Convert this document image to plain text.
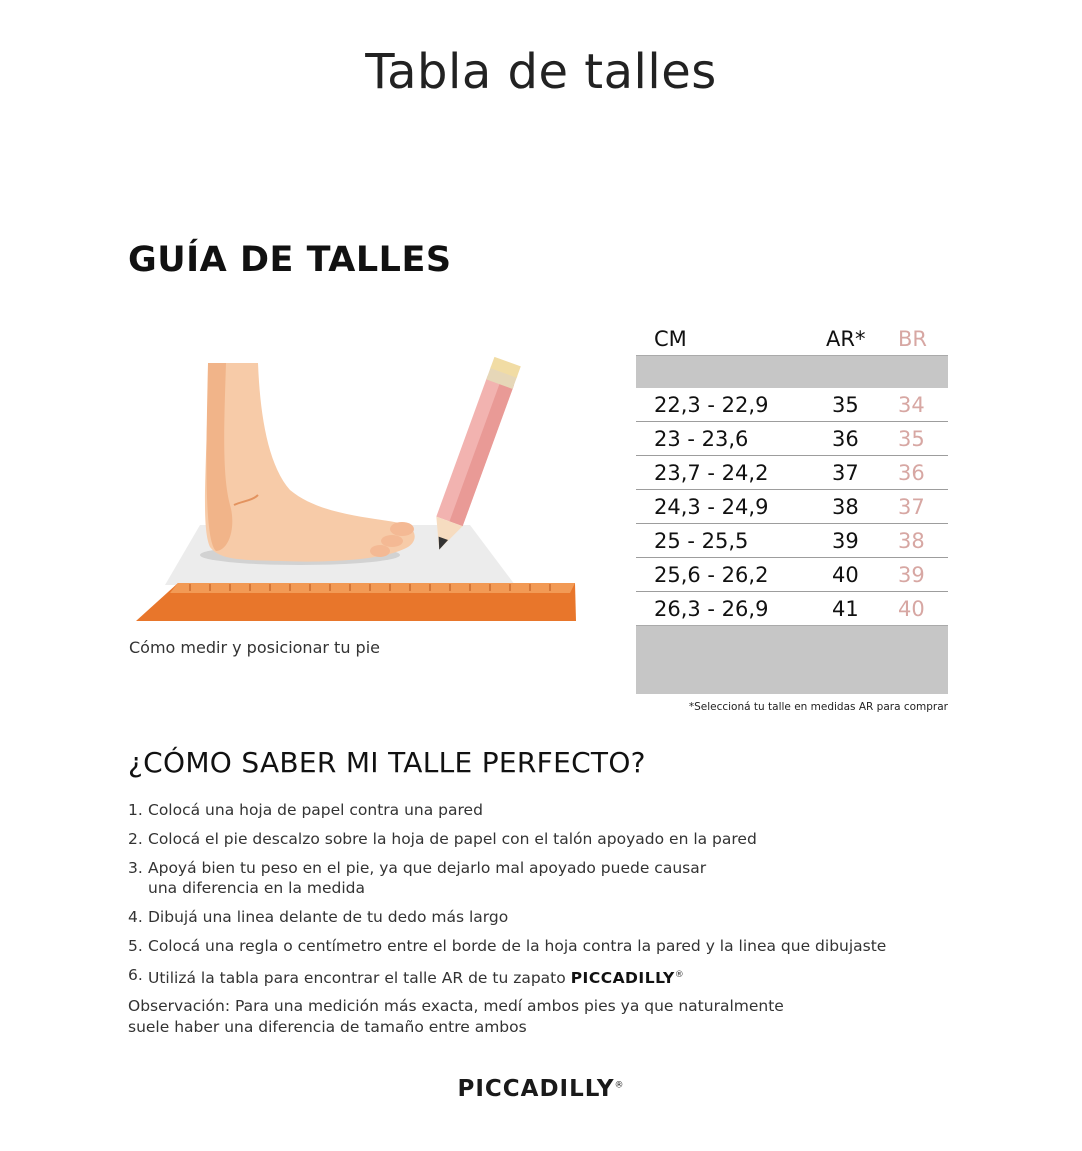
Tabla de talles
GUÍA DE TALLES
Cómo medir y posicionar tu pie
CM	AR* BR
22,3 - 22,9	35 34
23 - 23,6	36 35
23,7 - 24,2	37 36
24,3 - 24,9	38 37
25 - 25,5	39 38
25,6 - 26,2	40 39
26,3 - 26,9	41 40
*Seleccioná tu talle en medidas AR para comprar
¿CÓMO SABER MI TALLE PERFECTO?
1. Colocá una hoja de papel contra una pared
2. Colocá el pie descalzo sobre la hoja de papel con el talón apoyado en la pared
3. Apoyá bien tu peso en el pie, ya que dejarlo mal apoyado puede causar
una diferencia en la medida
4. Dibujá una linea delante de tu dedo más largo
5. Colocá una regla o centímetro entre el borde de la hoja contra la pared y la linea que dibujaste
6. Utilizá la tabla para encontrar el talle AR de tu zapato PICCADILLY®
Observación: Para una medición más exacta, medí ambos pies ya que naturalmente
suele haber una diferencia de tamaño entre ambos
PICCADILLY®
